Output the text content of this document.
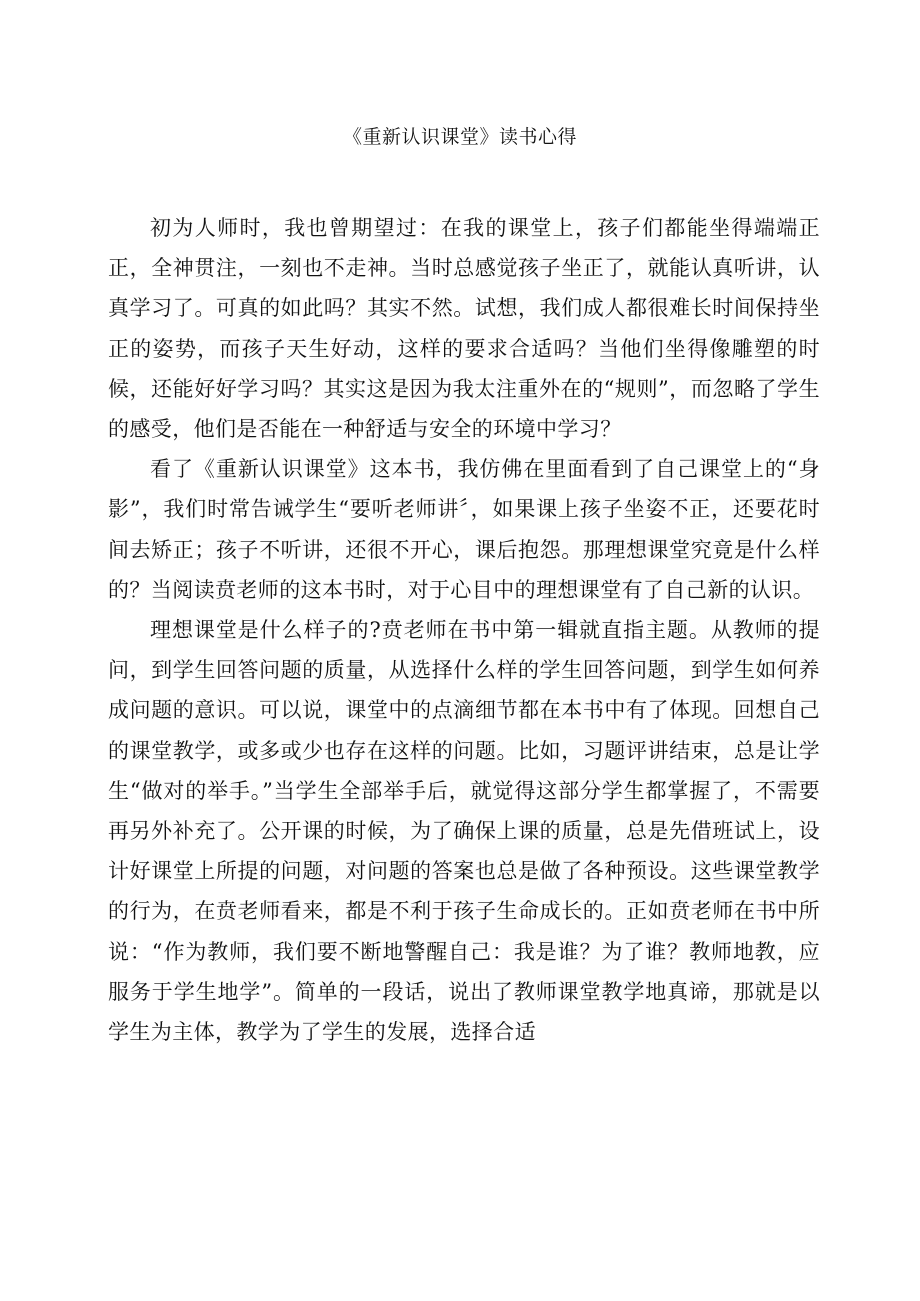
《重新认识课堂》读书心得

初为人师时，我也曾期望过：在我的课堂上，孩子们都能坐得端端正正，全神贯注，一刻也不走神。当时总感觉孩子坐正了，就能认真听讲，认真学习了。可真的如此吗？其实不然。试想，我们成人都很难长时间保持坐正的姿势，而孩子天生好动，这样的要求合适吗？当他们坐得像雕塑的时候，还能好好学习吗？其实这是因为我太注重外在的“规则”，而忽略了学生的感受，他们是否能在一种舒适与安全的环境中学习？

看了《重新认识课堂》这本书，我仿佛在里面看到了自己课堂上的“身影”，我们时常告诫学生“要听老师讲〞，如果课上孩子坐姿不正，还要花时间去矫正；孩子不听讲，还很不开心，课后抱怨。那理想课堂究竟是什么样的？当阅读贲老师的这本书时，对于心目中的理想课堂有了自己新的认识。

理想课堂是什么样子的?贲老师在书中第一辑就直指主题。从教师的提问，到学生回答问题的质量，从选择什么样的学生回答问题，到学生如何养成问题的意识。可以说，课堂中的点滴细节都在本书中有了体现。回想自己的课堂教学，或多或少也存在这样的问题。比如，习题评讲结束，总是让学生“做对的举手。”当学生全部举手后，就觉得这部分学生都掌握了，不需要再另外补充了。公开课的时候，为了确保上课的质量，总是先借班试上，设计好课堂上所提的问题，对问题的答案也总是做了各种预设。这些课堂教学的行为，在贲老师看来，都是不利于孩子生命成长的。正如贲老师在书中所说：“作为教师，我们要不断地警醒自己：我是谁？为了谁？教师地教，应服务于学生地学”。简单的一段话，说出了教师课堂教学地真谛，那就是以学生为主体，教学为了学生的发展，选择合适
